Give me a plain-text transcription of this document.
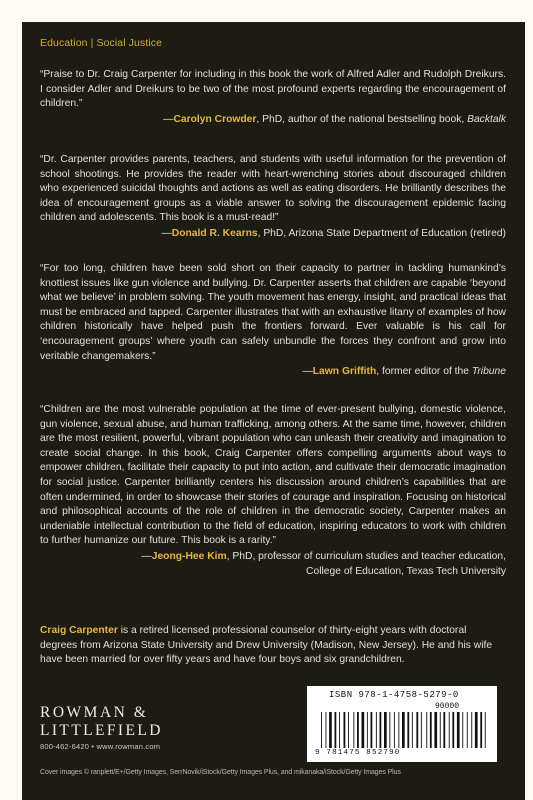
Education | Social Justice
“Praise to Dr. Craig Carpenter for including in this book the work of Alfred Adler and Rudolph Dreikurs. I consider Adler and Dreikurs to be two of the most profound experts regarding the encouragement of children.”
—Carolyn Crowder, PhD, author of the national bestselling book, Backtalk
“Dr. Carpenter provides parents, teachers, and students with useful information for the prevention of school shootings. He provides the reader with heart-wrenching stories about discouraged children who experienced suicidal thoughts and actions as well as eating disorders. He brilliantly describes the idea of encouragement groups as a viable answer to solving the discouragement epidemic facing children and adolescents. This book is a must-read!”
—Donald R. Kearns, PhD, Arizona State Department of Education (retired)
“For too long, children have been sold short on their capacity to partner in tackling humankind’s knottiest issues like gun violence and bullying. Dr. Carpenter asserts that children are capable ‘beyond what we believe’ in problem solving. The youth movement has energy, insight, and practical ideas that must be embraced and tapped. Carpenter illustrates that with an exhaustive litany of examples of how children historically have helped push the frontiers forward. Ever valuable is his call for ‘encouragement groups’ where youth can safely unbundle the forces they confront and grow into veritable changemakers.”
—Lawn Griffith, former editor of the Tribune
“Children are the most vulnerable population at the time of ever-present bullying, domestic violence, gun violence, sexual abuse, and human trafficking, among others. At the same time, however, children are the most resilient, powerful, vibrant population who can unleash their creativity and imagination to create social change. In this book, Craig Carpenter offers compelling arguments about ways to empower children, facilitate their capacity to put into action, and cultivate their democratic imagination for social justice. Carpenter brilliantly centers his discussion around children’s capabilities that are often undermined, in order to showcase their stories of courage and inspiration. Focusing on historical and philosophical accounts of the role of children in the democratic society, Carpenter makes an undeniable intellectual contribution to the field of education, inspiring educators to work with children to further humanize our future. This book is a rarity.”
—Jeong-Hee Kim, PhD, professor of curriculum studies and teacher education,
College of Education, Texas Tech University
Craig Carpenter is a retired licensed professional counselor of thirty-eight years with doctoral degrees from Arizona State University and Drew University (Madison, New Jersey). He and his wife have been married for over fifty years and have four boys and six grandchildren.
ROWMAN &
LITTLEFIELD
800-462-6420 • www.rowman.com
ISBN 978-1-4758-5279-0
90000
9 781475 852790
Cover images © ranplett/E+/Getty Images, SerrNovik/iStock/Getty Images Plus, and mikanaka/iStock/Getty Images Plus
